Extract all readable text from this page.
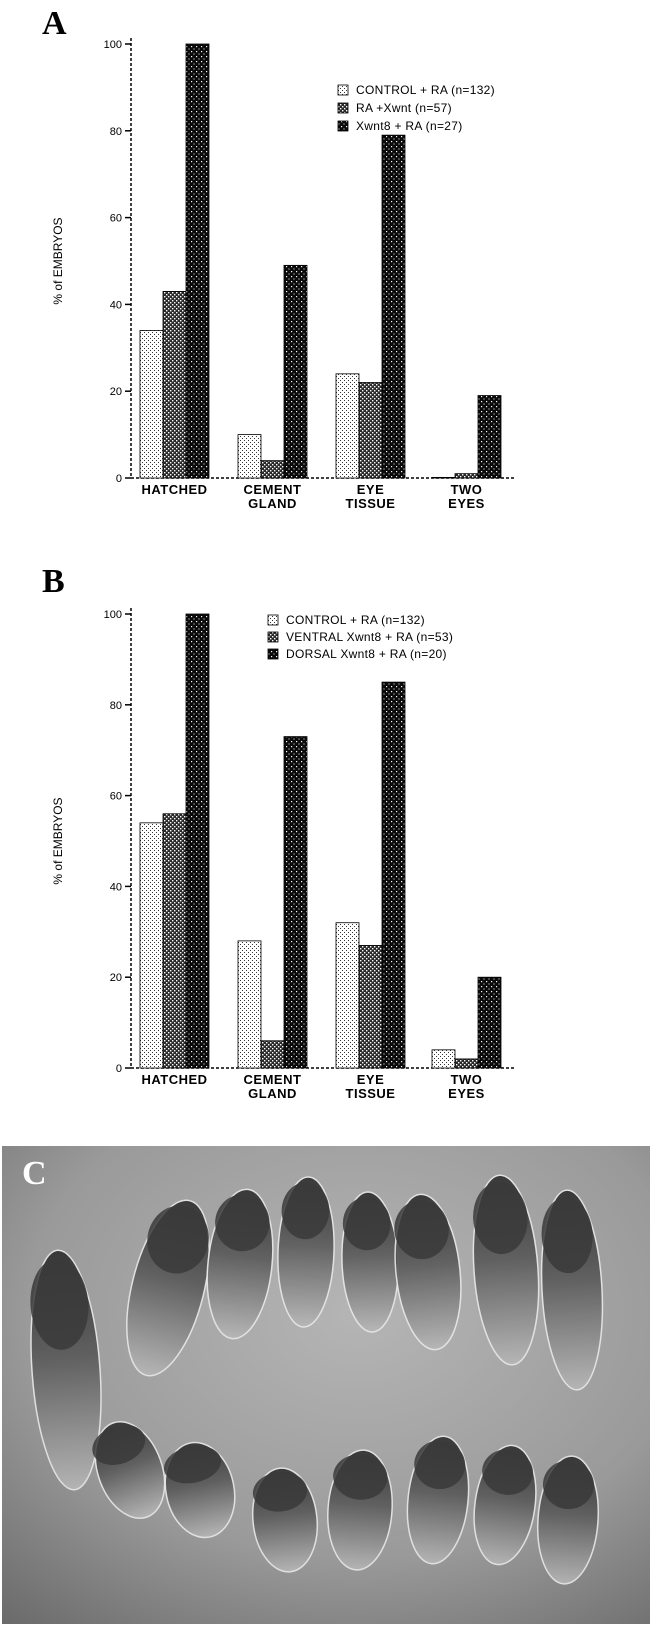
A
0
20
40
60
80
100
% of EMBRYOS
HATCHED	CEMENT
GLAND
EYE
TISSUE
TWO
EYES
CONTROL + RA (n=132)
RA +Xwnt (n=57)
Xwnt8 + RA (n=27)
B
0
20
40
60
80
100
% of EMBRYOS
HATCHED	CEMENT
GLAND
EYE
TISSUE
TWO
EYES
CONTROL + RA (n=132)
VENTRAL Xwnt8 + RA (n=53)
DORSAL Xwnt8 + RA (n=20)
C
